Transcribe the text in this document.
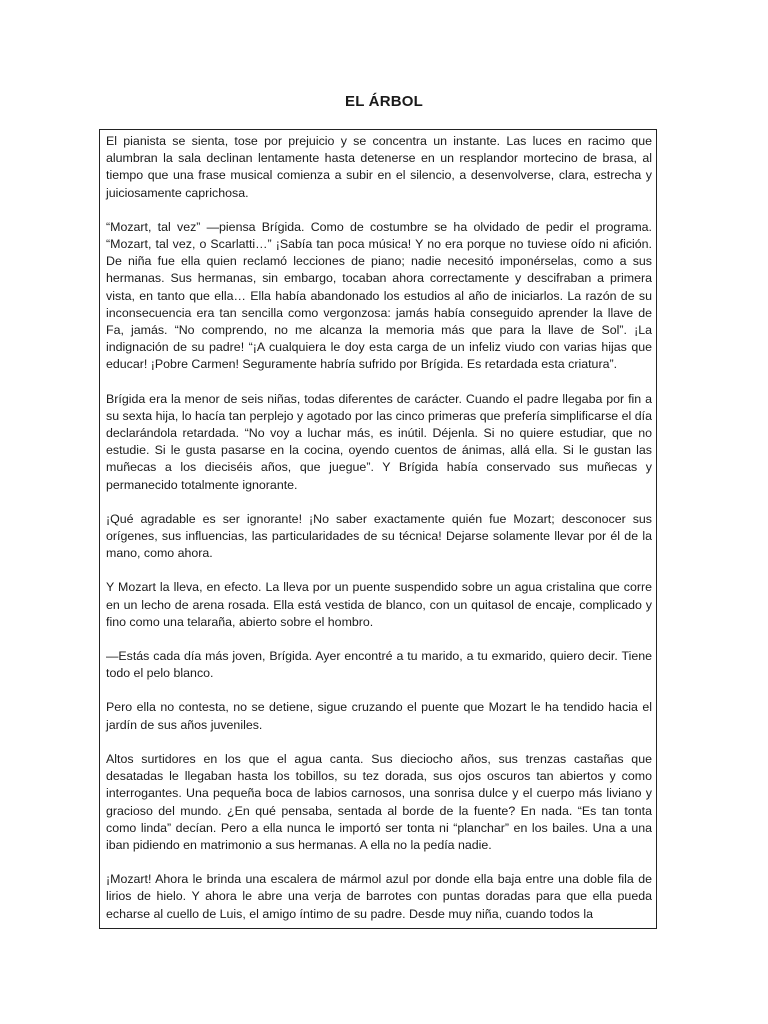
EL ÁRBOL

El pianista se sienta, tose por prejuicio y se concentra un instante. Las luces en racimo que alumbran la sala declinan lentamente hasta detenerse en un resplandor mortecino de brasa, al tiempo que una frase musical comienza a subir en el silencio, a desenvolverse, clara, estrecha y juiciosamente caprichosa.

“Mozart, tal vez” —piensa Brígida. Como de costumbre se ha olvidado de pedir el programa. “Mozart, tal vez, o Scarlatti…” ¡Sabía tan poca música! Y no era porque no tuviese oído ni afición. De niña fue ella quien reclamó lecciones de piano; nadie necesitó imponérselas, como a sus hermanas. Sus hermanas, sin embargo, tocaban ahora correctamente y descifraban a primera vista, en tanto que ella… Ella había abandonado los estudios al año de iniciarlos. La razón de su inconsecuencia era tan sencilla como vergonzosa: jamás había conseguido aprender la llave de Fa, jamás. “No comprendo, no me alcanza la memoria más que para la llave de Sol”. ¡La indignación de su padre! “¡A cualquiera le doy esta carga de un infeliz viudo con varias hijas que educar! ¡Pobre Carmen! Seguramente habría sufrido por Brígida. Es retardada esta criatura”.

Brígida era la menor de seis niñas, todas diferentes de carácter. Cuando el padre llegaba por fin a su sexta hija, lo hacía tan perplejo y agotado por las cinco primeras que prefería simplificarse el día declarándola retardada. “No voy a luchar más, es inútil. Déjenla. Si no quiere estudiar, que no estudie. Si le gusta pasarse en la cocina, oyendo cuentos de ánimas, allá ella. Si le gustan las muñecas a los dieciséis años, que juegue”. Y Brígida había conservado sus muñecas y permanecido totalmente ignorante.

¡Qué agradable es ser ignorante! ¡No saber exactamente quién fue Mozart; desconocer sus orígenes, sus influencias, las particularidades de su técnica! Dejarse solamente llevar por él de la mano, como ahora.

Y Mozart la lleva, en efecto. La lleva por un puente suspendido sobre un agua cristalina que corre en un lecho de arena rosada. Ella está vestida de blanco, con un quitasol de encaje, complicado y fino como una telaraña, abierto sobre el hombro.

—Estás cada día más joven, Brígida. Ayer encontré a tu marido, a tu exmarido, quiero decir. Tiene todo el pelo blanco.

Pero ella no contesta, no se detiene, sigue cruzando el puente que Mozart le ha tendido hacia el jardín de sus años juveniles.

Altos surtidores en los que el agua canta. Sus dieciocho años, sus trenzas castañas que desatadas le llegaban hasta los tobillos, su tez dorada, sus ojos oscuros tan abiertos y como interrogantes. Una pequeña boca de labios carnosos, una sonrisa dulce y el cuerpo más liviano y gracioso del mundo. ¿En qué pensaba, sentada al borde de la fuente? En nada. “Es tan tonta como linda” decían. Pero a ella nunca le importó ser tonta ni “planchar” en los bailes. Una a una iban pidiendo en matrimonio a sus hermanas. A ella no la pedía nadie.

¡Mozart! Ahora le brinda una escalera de mármol azul por donde ella baja entre una doble fila de lirios de hielo. Y ahora le abre una verja de barrotes con puntas doradas para que ella pueda echarse al cuello de Luis, el amigo íntimo de su padre. Desde muy niña, cuando todos la
